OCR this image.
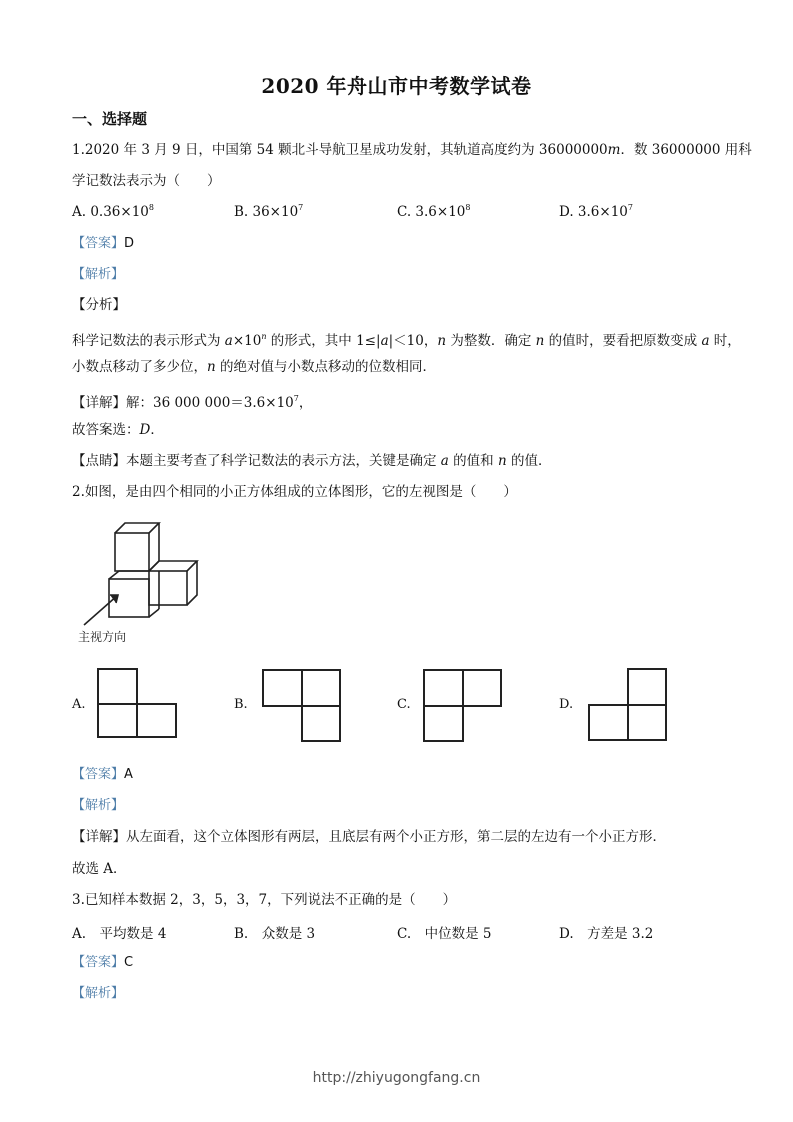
2020 年舟山市中考数学试卷
一、选择题
1.2020 年 3 月 9 日，中国第 54 颗北斗导航卫星成功发射，其轨道高度约为 36000000m．数 36000000 用科
学记数法表示为（　　）
A. $0.36\times 10^8$	B. $36\times 10^7$	C. $3.6\times 10^8$	D. $3.6\times 10^7$
【答案】D
【解析】
【分析】
科学记数法的表示形式为 $a\times 10^n$ 的形式，其中 1≤|a|＜10，n 为整数．确定 n 的值时，要看把原数变成 a 时，
小数点移动了多少位，n 的绝对值与小数点移动的位数相同．
【详解】解：36 000 $000=3.6\times 10^7$，
故答案选：D．
【点睛】本题主要考查了科学记数法的表示方法，关键是确定 a 的值和 n 的值．
2.如图，是由四个相同的小正方体组成的立体图形，它的左视图是（　　）
主视方向
A.	B.	C.	D.
【答案】A
【解析】
【详解】从左面看，这个立体图形有两层，且底层有两个小正方形，第二层的左边有一个小正方形．
故选 A．
3.已知样本数据 2，3，5，3，7，下列说法不正确的是（　　）
A.　平均数是 4	B.　众数是 3	C.　中位数是 5	D.　方差是 3.2
【答案】C
【解析】
http://zhiyugongfang.cn
